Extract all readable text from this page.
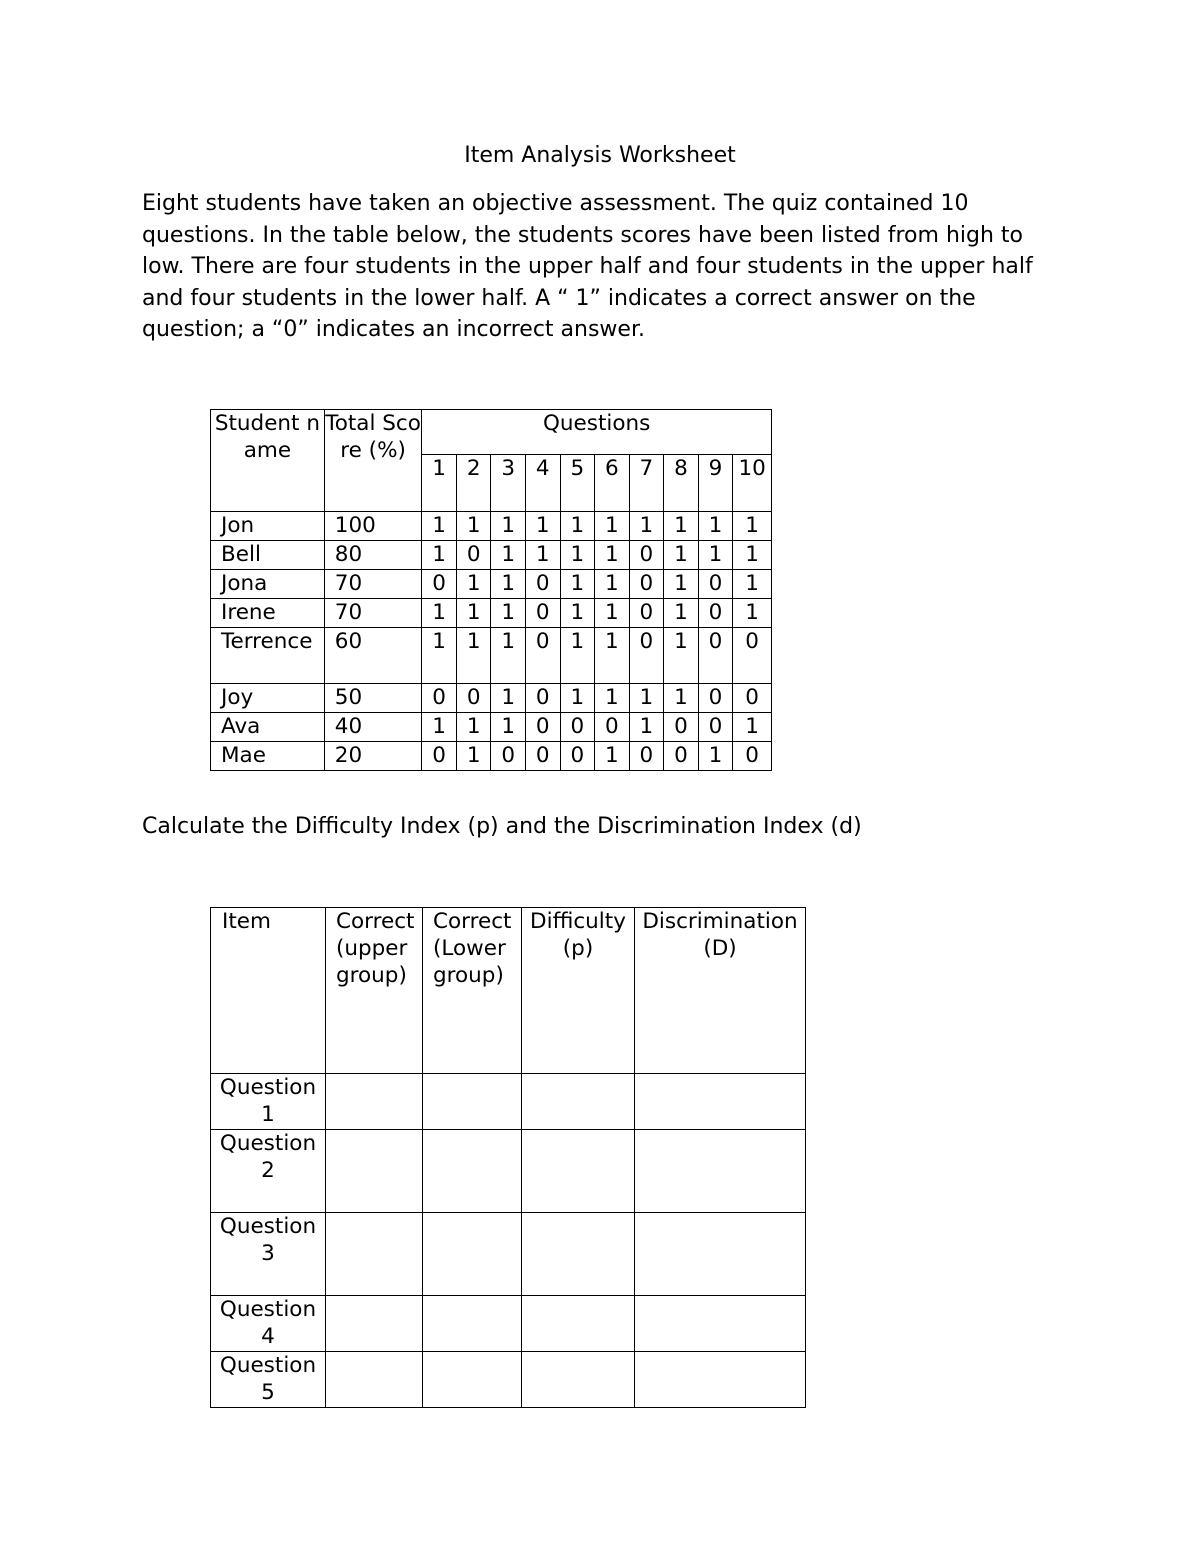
Item Analysis Worksheet
Eight students have taken an objective assessment. The quiz contained 10 questions. In the table below, the students scores have been listed from high to low. There are four students in the upper half and four students in the upper half and four students in the lower half. A “ 1” indicates a correct answer on the question; a “0” indicates an incorrect answer.
Student name	Total Score (%)	Questions									
		1	2	3	4	5	6	7	8	9	10
Jon	100	1	1	1	1	1	1	1	1	1	1
Bell	80	1	0	1	1	1	1	0	1	1	1
Jona	70	0	1	1	0	1	1	0	1	0	1
Irene	70	1	1	1	0	1	1	0	1	0	1
Terrence	60	1	1	1	0	1	1	0	1	0	0
Joy	50	0	0	1	0	1	1	1	1	0	0
Ava	40	1	1	1	0	0	0	1	0	0	1
Mae	20	0	1	0	0	0	1	0	0	1	0
Calculate the Difficulty Index (p) and the Discrimination Index (d)
Item	Correct (upper group)	Correct (Lower group)	Difficulty (p)	Discrimination (D)
Question 1				
Question 2				
Question 3				
Question 4				
Question 5				
